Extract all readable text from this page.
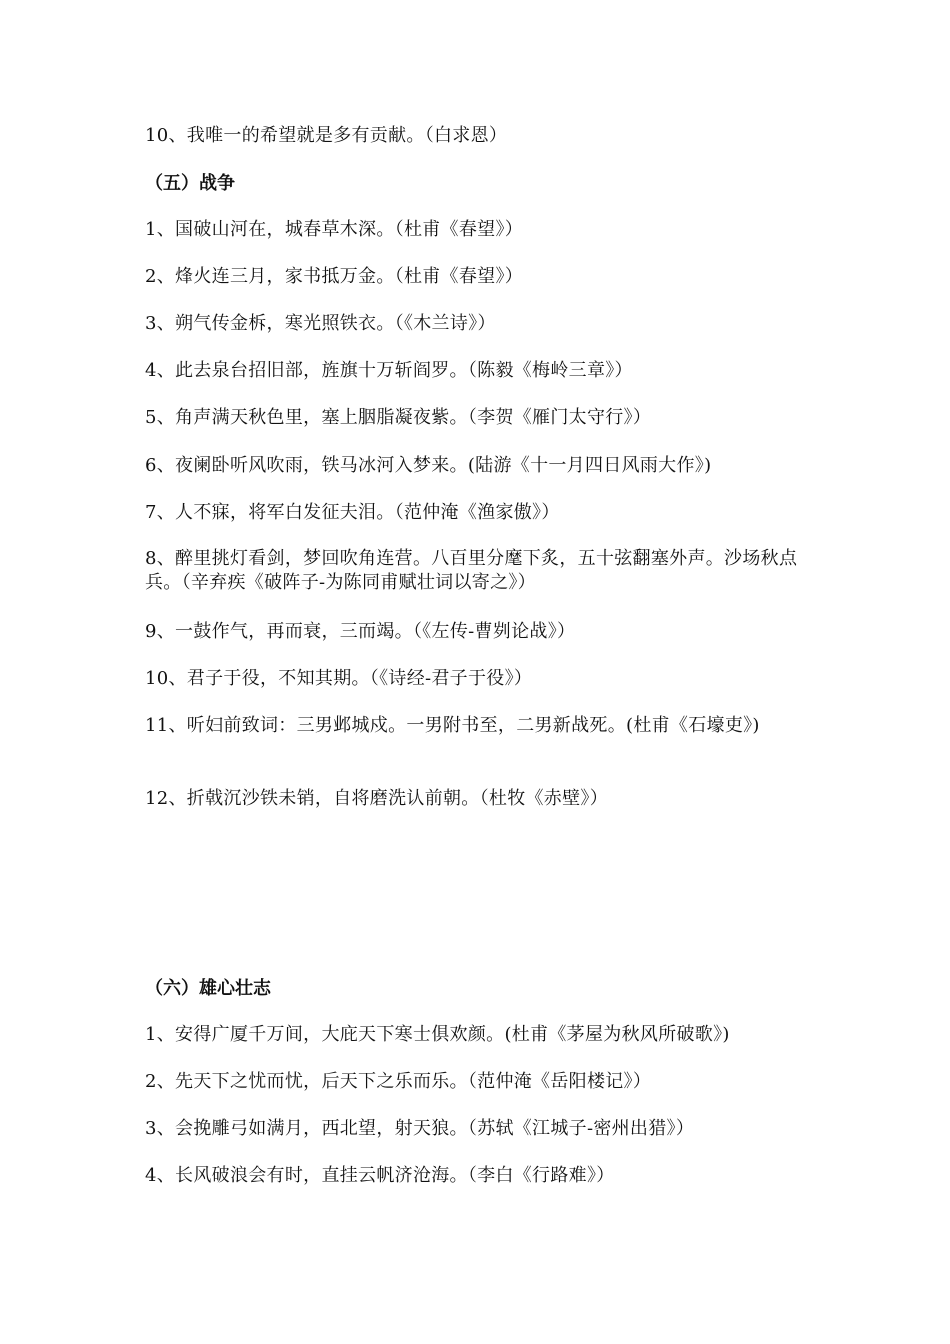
10、我唯一的希望就是多有贡献。（白求恩）
（五）战争
1、国破山河在，城春草木深。（杜甫《春望》）
2、烽火连三月，家书抵万金。（杜甫《春望》）
3、朔气传金柝，寒光照铁衣。（《木兰诗》）
4、此去泉台招旧部，旌旗十万斩阎罗。（陈毅《梅岭三章》）
5、角声满天秋色里，塞上胭脂凝夜紫。（李贺《雁门太守行》）
6、夜阑卧听风吹雨，铁马冰河入梦来。(陆游《十一月四日风雨大作》)
7、人不寐，将军白发征夫泪。（范仲淹《渔家傲》）
8、醉里挑灯看剑，梦回吹角连营。八百里分麾下炙，五十弦翻塞外声。沙场秋点兵。（辛弃疾《破阵子-为陈同甫赋壮词以寄之》）
9、一鼓作气，再而衰，三而竭。（《左传-曹刿论战》）
10、君子于役，不知其期。（《诗经-君子于役》）
11、听妇前致词：三男邺城戍。一男附书至，二男新战死。(杜甫《石壕吏》)
12、折戟沉沙铁未销，自将磨洗认前朝。（杜牧《赤壁》）
（六）雄心壮志
1、安得广厦千万间，大庇天下寒士俱欢颜。(杜甫《茅屋为秋风所破歌》)
2、先天下之忧而忧，后天下之乐而乐。（范仲淹《岳阳楼记》）
3、会挽雕弓如满月，西北望，射天狼。（苏轼《江城子-密州出猎》）
4、长风破浪会有时，直挂云帆济沧海。（李白《行路难》）
